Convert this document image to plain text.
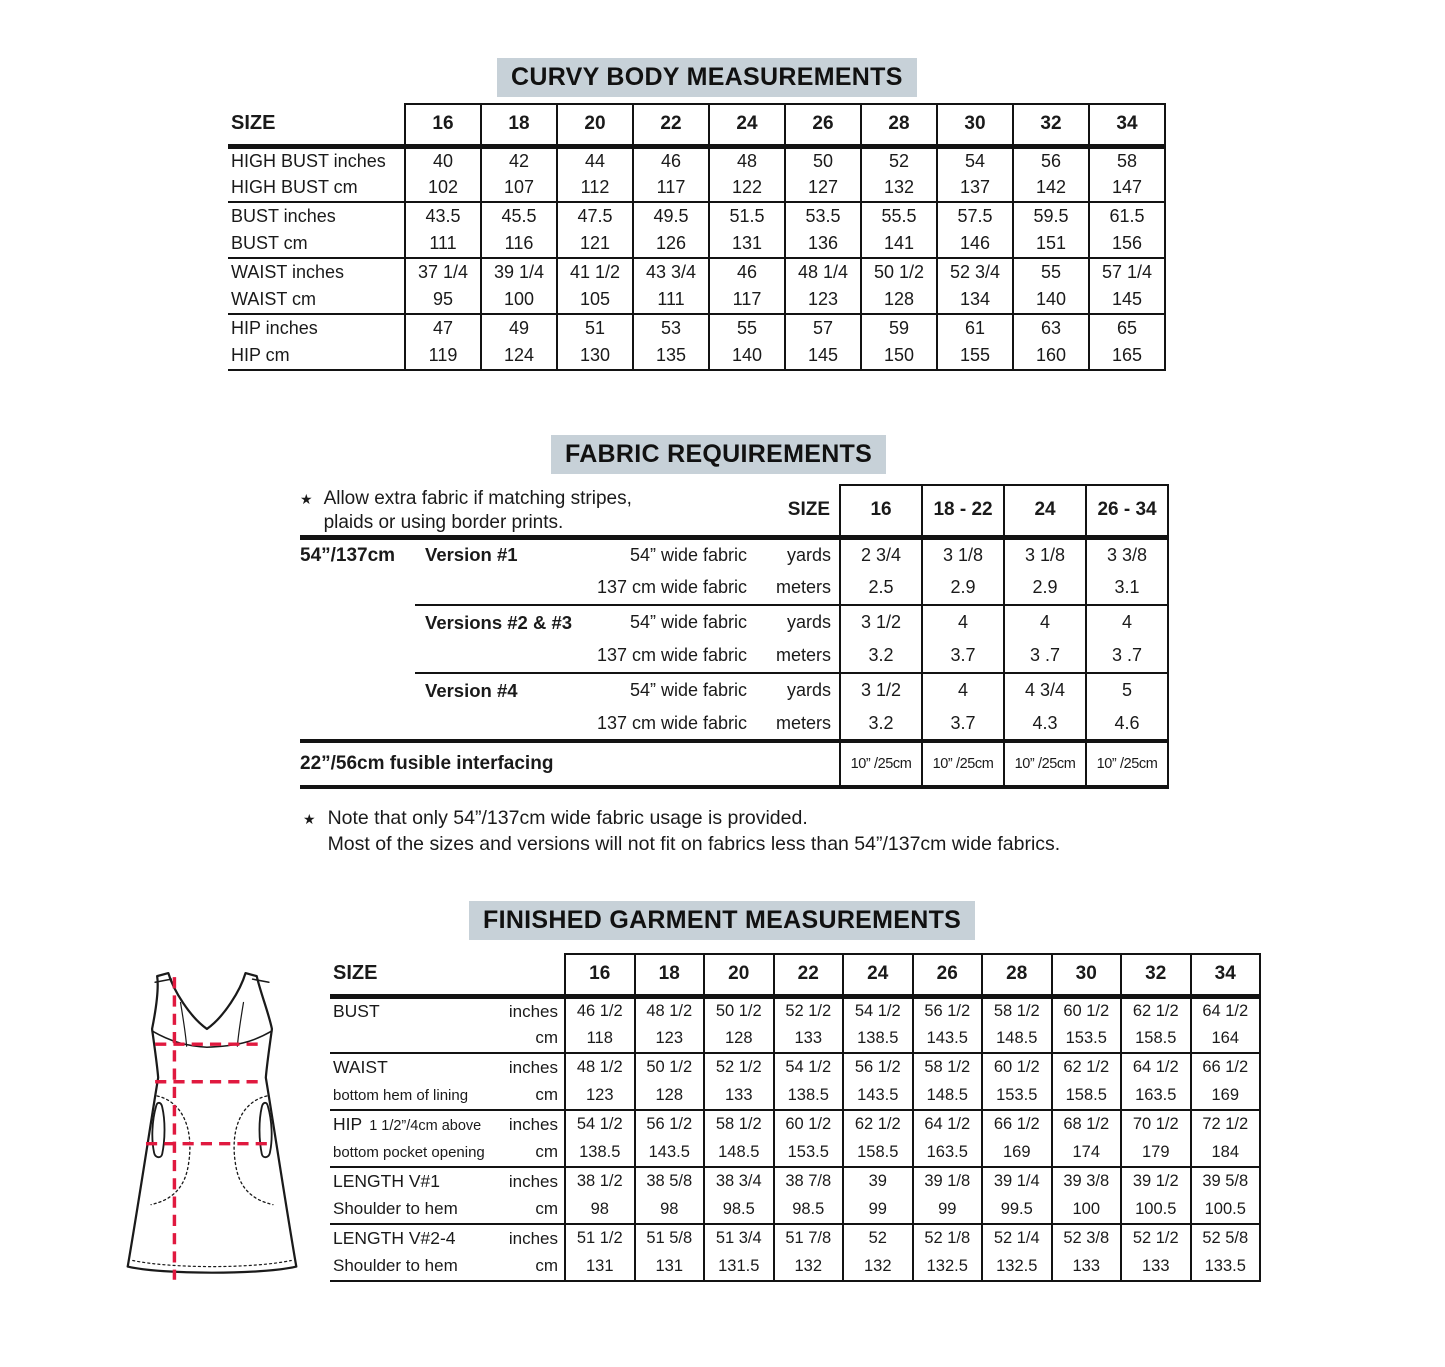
CURVY BODY MEASUREMENTS
SIZE	16	18	20	22	24	26	28	30	32	34
HIGH BUST inches	40	42	44	46	48	50	52	54	56	58
HIGH BUST cm	102	107	112	117	122	127	132	137	142	147
BUST inches	43.5	45.5	47.5	49.5	51.5	53.5	55.5	57.5	59.5	61.5
BUST cm	111	116	121	126	131	136	141	146	151	156
WAIST inches	37 1/4	39 1/4	41 1/2	43 3/4	46	48 1/4	50 1/2	52 3/4	55	57 1/4
WAIST cm	95	100	105	111	117	123	128	134	140	145
HIP inches	47	49	51	53	55	57	59	61	63	65
HIP cm	119	124	130	135	140	145	150	155	160	165
FABRIC REQUIREMENTS
★ Allow extra fabric if matching stripes,
plaids or using border prints.			SIZE	16	18 - 22	24	26 - 34
54”/137cm	Version #1	54” wide fabric	yards	2 3/4	3 1/8	3 1/8	3 3/8
		137 cm wide fabric	meters	2.5	2.9	2.9	3.1
	Versions #2 & #3	54” wide fabric	yards	3 1/2	4	4	4
		137 cm wide fabric	meters	3.2	3.7	3 .7	3 .7
	Version #4	54” wide fabric	yards	3 1/2	4	4 3/4	5
		137 cm wide fabric	meters	3.2	3.7	4.3	4.6
22”/56cm fusible interfacing				10” /25cm	10” /25cm	10” /25cm	10” /25cm
★ Note that only 54”/137cm wide fabric usage is provided.
Most of the sizes and versions will not fit on fabrics less than 54”/137cm wide fabrics.
FINISHED GARMENT MEASUREMENTS
SIZE	16	18	20	22	24	26	28	30	32	34

BUST inches	46 1/2	48 1/2	50 1/2	52 1/2	54 1/2	56 1/2	58 1/2	60 1/2	62 1/2	64 1/2

cm	118	123	128	133	138.5	143.5	148.5	153.5	158.5	164

WAIST inches	48 1/2	50 1/2	52 1/2	54 1/2	56 1/2	58 1/2	60 1/2	62 1/2	64 1/2	66 1/2

bottom hem of lining cm	123	128	133	138.5	143.5	148.5	153.5	158.5	163.5	169

HIP 1 1/2”/4cm above inches	54 1/2	56 1/2	58 1/2	60 1/2	62 1/2	64 1/2	66 1/2	68 1/2	70 1/2	72 1/2

bottom pocket opening cm	138.5	143.5	148.5	153.5	158.5	163.5	169	174	179	184

LENGTH V#1 inches	38 1/2	38 5/8	38 3/4	38 7/8	39	39 1/8	39 1/4	39 3/8	39 1/2	39 5/8

Shoulder to hem cm	98	98	98.5	98.5	99	99	99.5	100	100.5	100.5

LENGTH V#2-4 inches	51 1/2	51 5/8	51 3/4	51 7/8	52	52 1/8	52 1/4	52 3/8	52 1/2	52 5/8

Shoulder to hem cm	131	131	131.5	132	132	132.5	132.5	133	133	133.5
